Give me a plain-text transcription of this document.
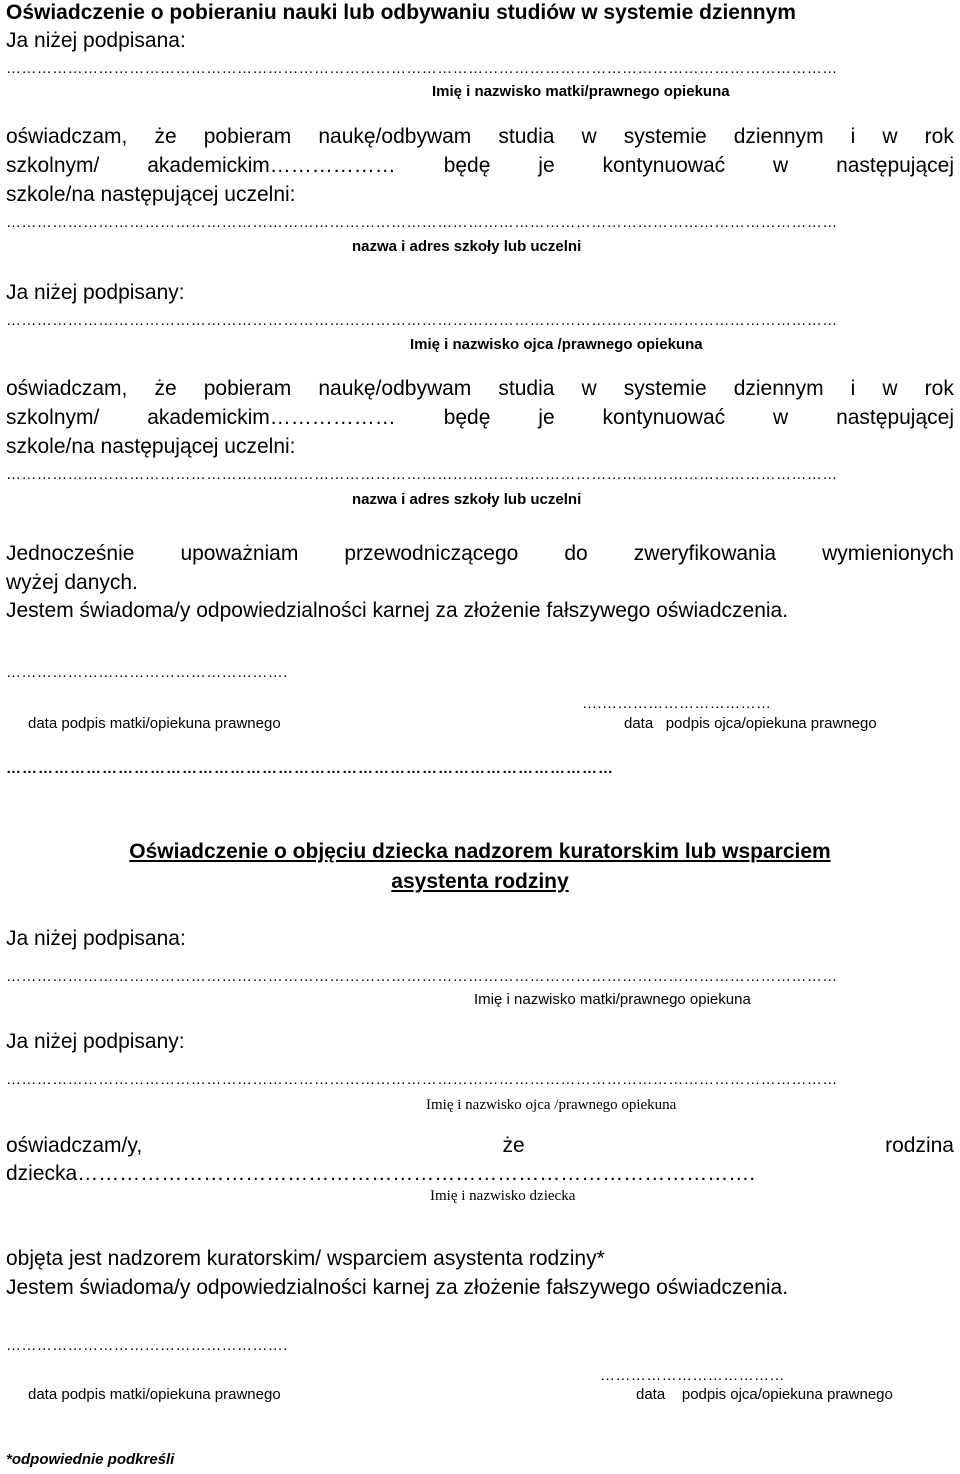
Oświadczenie o pobieraniu nauki lub odbywaniu studiów w systemie dziennym
Ja niżej podpisana:
………………………………………………………………………………………………………………………………………………
Imię i nazwisko matki/prawnego opiekuna
oświadczam, że pobieram naukę/odbywam studia w systemie dziennym i w rok
szkolnym/ akademickim……………… będę je kontynuować w następującej
szkole/na następującej uczelni:
………………………………………………………………………………………………………………………………………………
nazwa i adres szkoły lub uczelni
Ja niżej podpisany:
………………………………………………………………………………………………………………………………………………
Imię i nazwisko ojca /prawnego opiekuna
oświadczam, że pobieram naukę/odbywam studia w systemie dziennym i w rok
szkolnym/ akademickim……………… będę je kontynuować w następującej
szkole/na następującej uczelni:
………………………………………………………………………………………………………………………………………………
nazwa i adres szkoły lub uczelni
Jednocześnie upoważniam przewodniczącego do zweryfikowania wymienionych
wyżej danych.
Jestem świadoma/y odpowiedzialności karnej za złożenie fałszywego oświadczenia.
……………………………………………….
….……………………………
data podpis matki/opiekuna prawnego	data   podpis ojca/opiekuna prawnego
……………………………………………………………………………………………………
Oświadczenie o objęciu dziecka nadzorem kuratorskim lub wsparciem
asystenta rodziny
Ja niżej podpisana:
………………………………………………………………………………………………………………………………………………
Imię i nazwisko matki/prawnego opiekuna
Ja niżej podpisany:
………………………………………………………………………………………………………………………………………………
Imię i nazwisko ojca /prawnego opiekuna
oświadczam/y,	że	rodzina
dziecka…………………………………………………………………………………….
Imię i nazwisko dziecka
objęta jest nadzorem kuratorskim/ wsparciem asystenta rodziny*
Jestem świadoma/y odpowiedzialności karnej za złożenie fałszywego oświadczenia.
……………………………………………….
………………………………
data podpis matki/opiekuna prawnego	data    podpis ojca/opiekuna prawnego
*odpowiednie podkreśli
